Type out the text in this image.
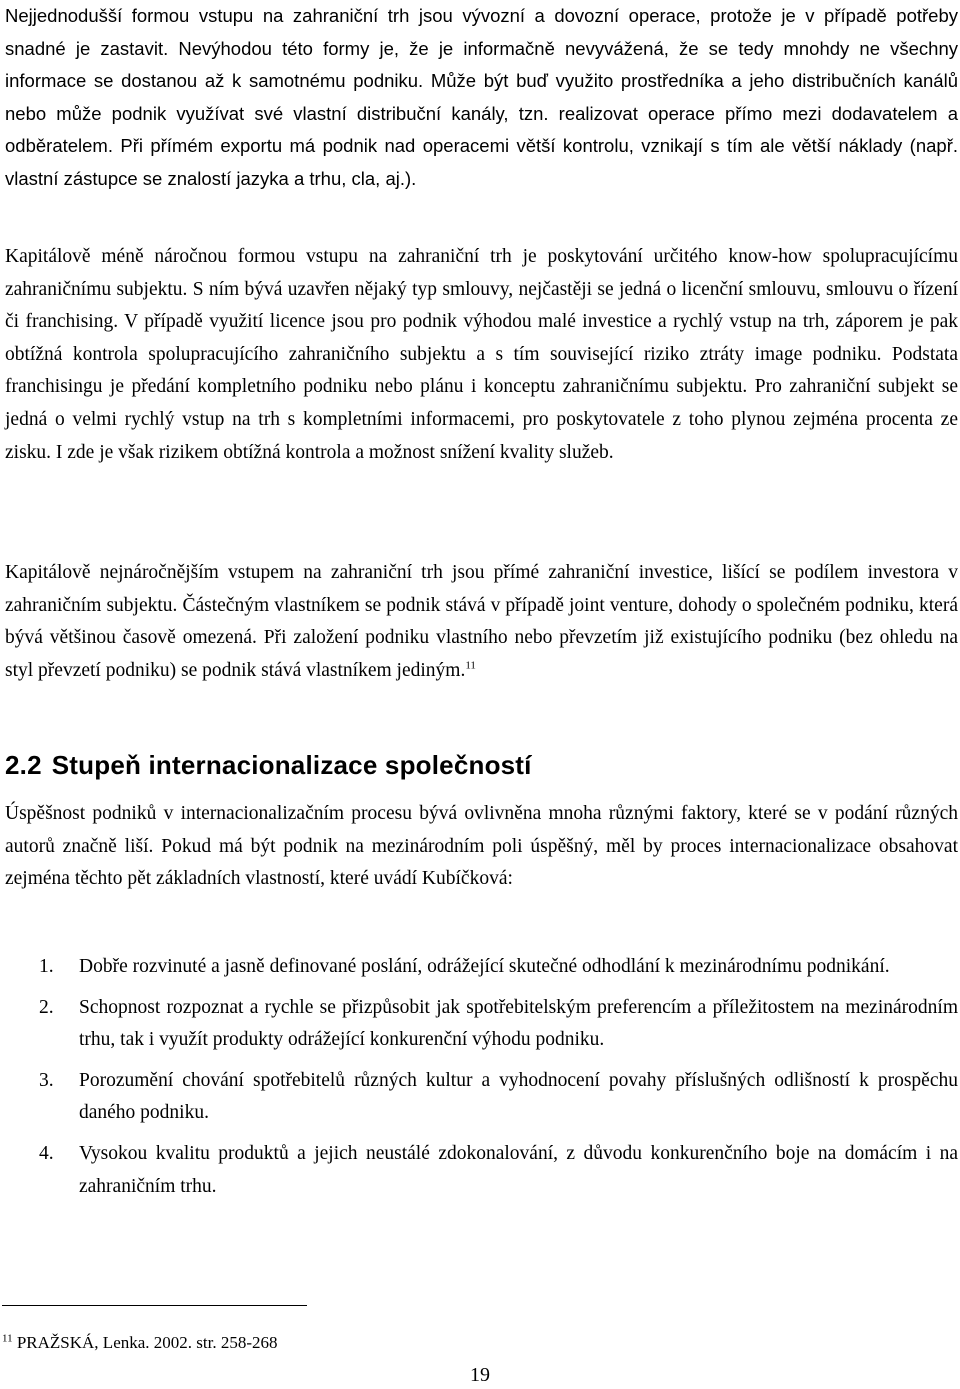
Nejjednodušší formou vstupu na zahraniční trh jsou vývozní a dovozní operace, protože je v případě potřeby snadné je zastavit. Nevýhodou této formy je, že je informačně nevyvážená, že se tedy mnohdy ne všechny informace se dostanou až k samotnému podniku. Může být buď využito prostředníka a jeho distribučních kanálů nebo může podnik využívat své vlastní distribuční kanály, tzn. realizovat operace přímo mezi dodavatelem a odběratelem. Při přímém exportu má podnik nad operacemi větší kontrolu, vznikají s tím ale větší náklady (např. vlastní zástupce se znalostí jazyka a trhu, cla, aj.).

Kapitálově méně náročnou formou vstupu na zahraniční trh je poskytování určitého know-how spolupracujícímu zahraničnímu subjektu. S ním bývá uzavřen nějaký typ smlouvy, nejčastěji se jedná o licenční smlouvu, smlouvu o řízení či franchising. V případě využití licence jsou pro podnik výhodou malé investice a rychlý vstup na trh, záporem je pak obtížná kontrola spolupracujícího zahraničního subjektu a s tím související riziko ztráty image podniku. Podstata franchisingu je předání kompletního podniku nebo plánu i konceptu zahraničnímu subjektu. Pro zahraniční subjekt se jedná o velmi rychlý vstup na trh s kompletními informacemi, pro poskytovatele z toho plynou zejména procenta ze zisku. I zde je však rizikem obtížná kontrola a možnost snížení kvality služeb.

Kapitálově nejnáročnějším vstupem na zahraniční trh jsou přímé zahraniční investice, lišící se podílem investora v zahraničním subjektu. Částečným vlastníkem se podnik stává v případě joint venture, dohody o společném podniku, která bývá většinou časově omezená. Při založení podniku vlastního nebo převzetím již existujícího podniku (bez ohledu na styl převzetí podniku) se podnik stává vlastníkem jediným.$^{11}$

2.2 Stupeň internacionalizace společností

Úspěšnost podniků v internacionalizačním procesu bývá ovlivněna mnoha různými faktory, které se v podání různých autorů značně liší. Pokud má být podnik na mezinárodním poli úspěšný, měl by proces internacionalizace obsahovat zejména těchto pět základních vlastností, které uvádí Kubíčková:

1. Dobře rozvinuté a jasně definované poslání, odrážející skutečné odhodlání k mezinárodnímu podnikání.
2. Schopnost rozpoznat a rychle se přizpůsobit jak spotřebitelským preferencím a příležitostem na mezinárodním trhu, tak i využít produkty odrážející konkurenční výhodu podniku.
3. Porozumění chování spotřebitelů různých kultur a vyhodnocení povahy příslušných odlišností k prospěchu daného podniku.
4. Vysokou kvalitu produktů a jejich neustálé zdokonalování, z důvodu konkurenčního boje na domácím i na zahraničním trhu.
$^{11}$ PRAŽSKÁ, Lenka. 2002. str. 258-268
19
